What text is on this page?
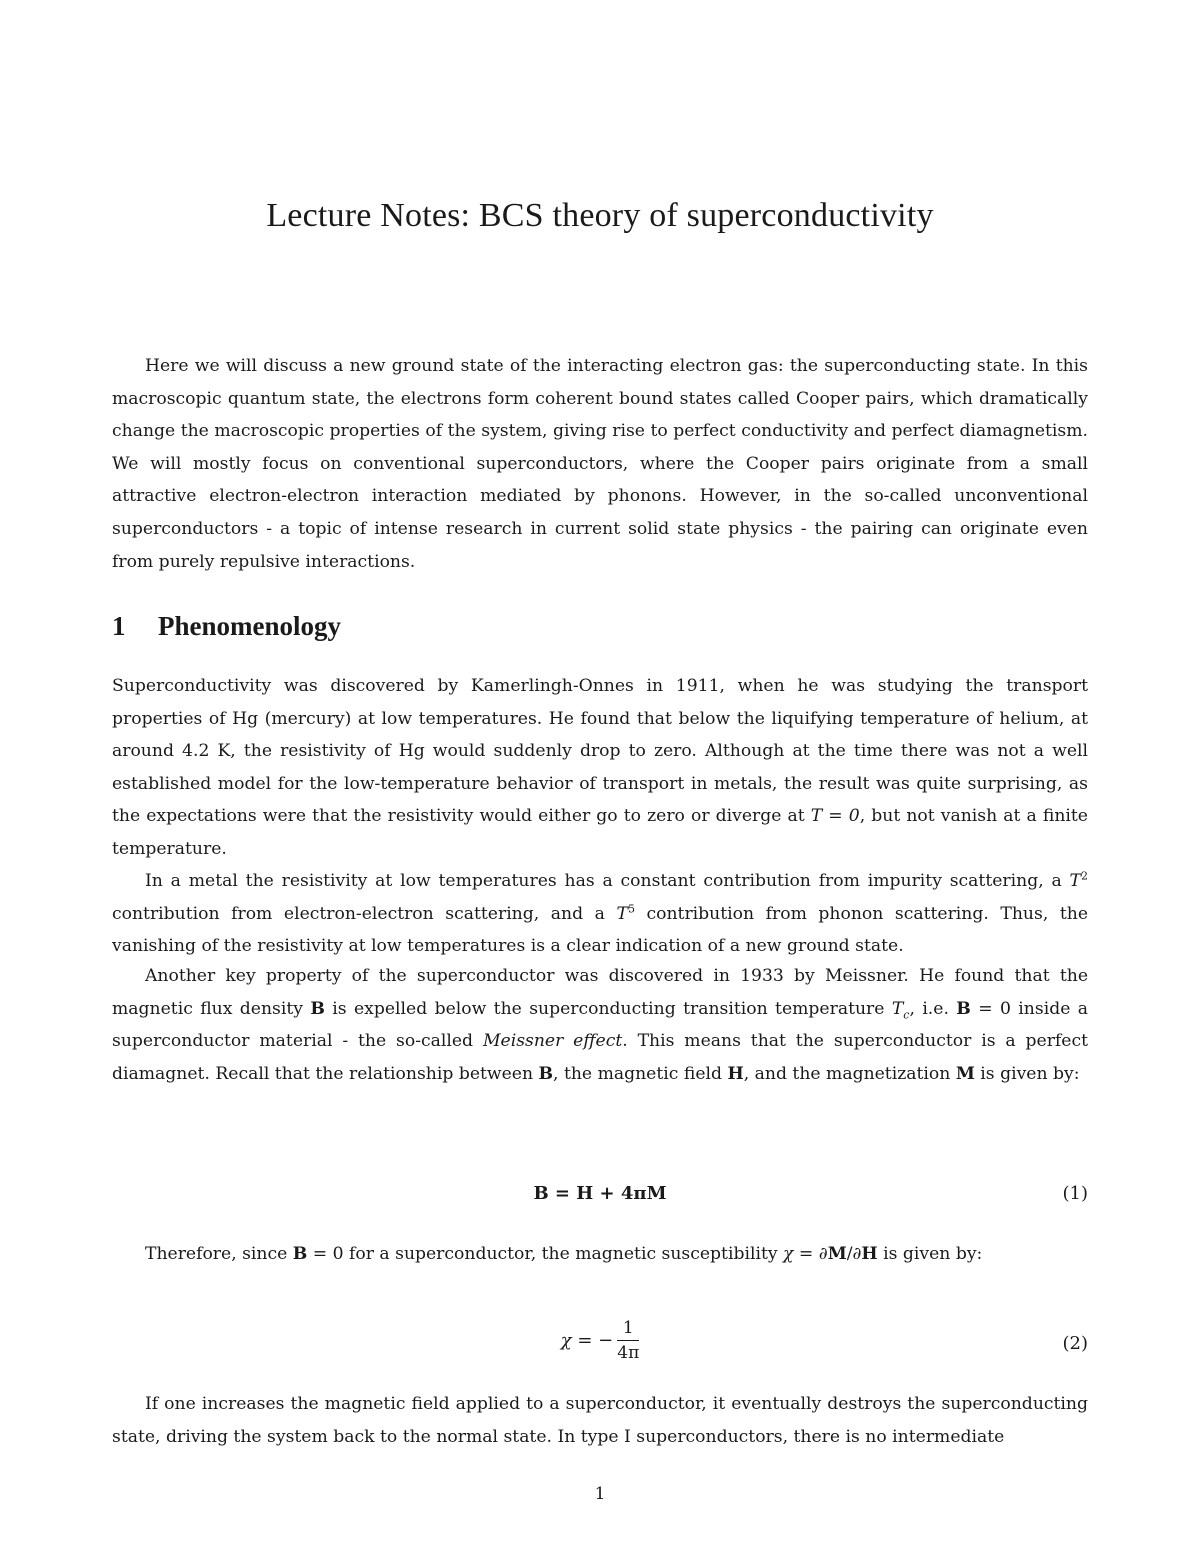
Lecture Notes: BCS theory of superconductivity

Here we will discuss a new ground state of the interacting electron gas: the superconducting state. In this macroscopic quantum state, the electrons form coherent bound states called Cooper pairs, which dramatically change the macroscopic properties of the system, giving rise to perfect conductivity and perfect diamagnetism. We will mostly focus on conventional superconductors, where the Cooper pairs originate from a small attractive electron-electron interaction mediated by phonons. However, in the so-called unconventional superconductors - a topic of intense research in current solid state physics - the pairing can originate even from purely repulsive interactions.

1 Phenomenology

Superconductivity was discovered by Kamerlingh-Onnes in 1911, when he was studying the transport properties of Hg (mercury) at low temperatures. He found that below the liquifying temperature of helium, at around 4.2 K, the resistivity of Hg would suddenly drop to zero. Although at the time there was not a well established model for the low-temperature behavior of transport in metals, the result was quite surprising, as the expectations were that the resistivity would either go to zero or diverge at T = 0, but not vanish at a finite temperature.

In a metal the resistivity at low temperatures has a constant contribution from impurity scattering, a $T^2$ contribution from electron-electron scattering, and a $T^5$ contribution from phonon scattering. Thus, the vanishing of the resistivity at low temperatures is a clear indication of a new ground state.

Another key property of the superconductor was discovered in 1933 by Meissner. He found that the magnetic flux density B is expelled below the superconducting transition temperature $T_c$, i.e. B = 0 inside a superconductor material - the so-called Meissner effect. This means that the superconductor is a perfect diamagnet. Recall that the relationship between B, the magnetic field H, and the magnetization M is given by:

B = H + 4πM	(1)

Therefore, since B = 0 for a superconductor, the magnetic susceptibility χ = ∂M/∂H is given by:

χ = − $\frac{1}{4\pi}$	(2)

If one increases the magnetic field applied to a superconductor, it eventually destroys the superconducting state, driving the system back to the normal state. In type I superconductors, there is no intermediate

1
